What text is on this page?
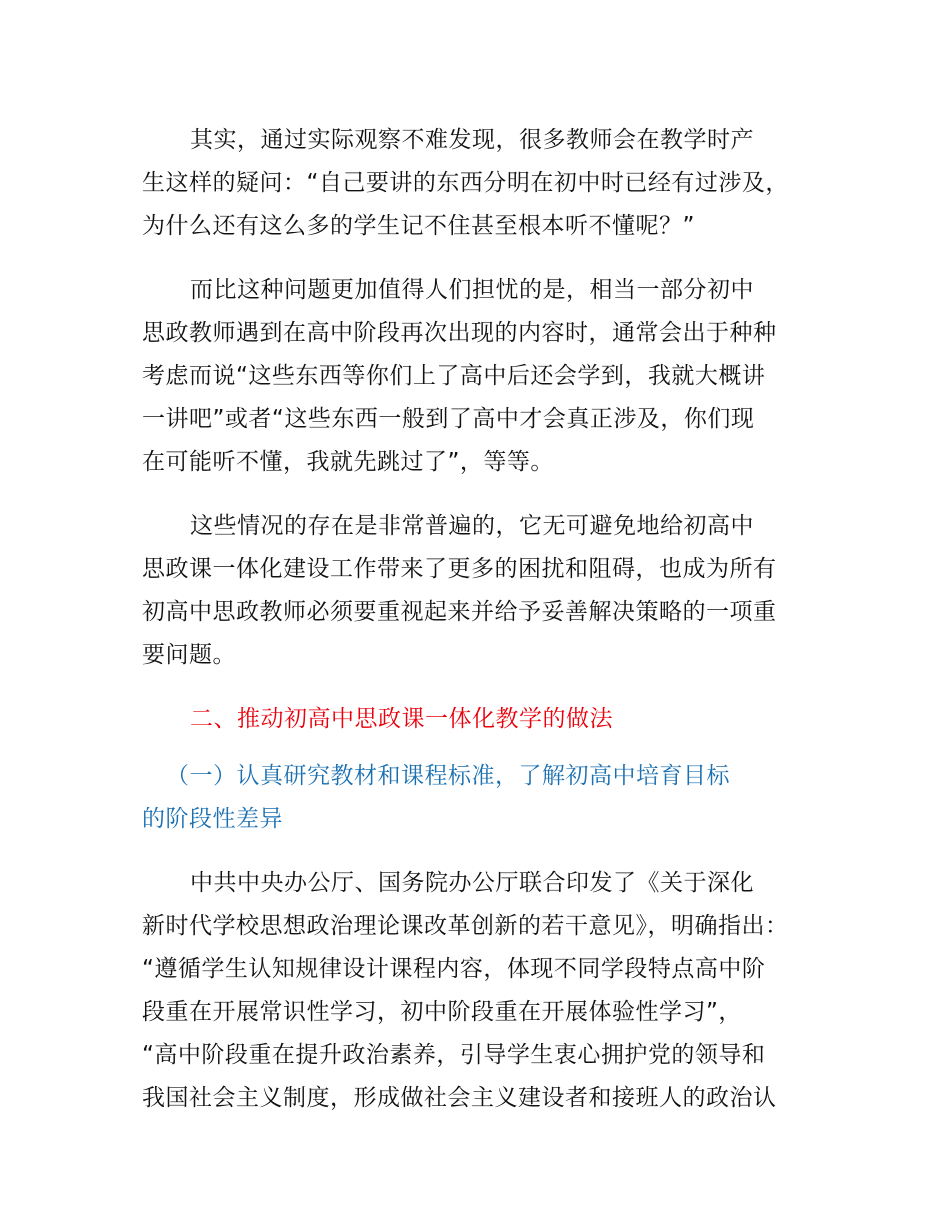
其实，通过实际观察不难发现，很多教师会在教学时产
生这样的疑问：“自己要讲的东西分明在初中时已经有过涉及，
为什么还有这么多的学生记不住甚至根本听不懂呢？”
而比这种问题更加值得人们担忧的是，相当一部分初中
思政教师遇到在高中阶段再次出现的内容时，通常会出于种种
考虑而说“这些东西等你们上了高中后还会学到，我就大概讲
一讲吧”或者“这些东西一般到了高中才会真正涉及，你们现
在可能听不懂，我就先跳过了”，等等。
这些情况的存在是非常普遍的，它无可避免地给初高中
思政课一体化建设工作带来了更多的困扰和阻碍，也成为所有
初高中思政教师必须要重视起来并给予妥善解决策略的一项重
要问题。
二、推动初高中思政课一体化教学的做法
（一）认真研究教材和课程标准，了解初高中培育目标
的阶段性差异
中共中央办公厅、国务院办公厅联合印发了《关于深化
新时代学校思想政治理论课改革创新的若干意见》，明确指出：
“遵循学生认知规律设计课程内容，体现不同学段特点高中阶
段重在开展常识性学习，初中阶段重在开展体验性学习”，
“高中阶段重在提升政治素养，引导学生衷心拥护党的领导和
我国社会主义制度，形成做社会主义建设者和接班人的政治认
